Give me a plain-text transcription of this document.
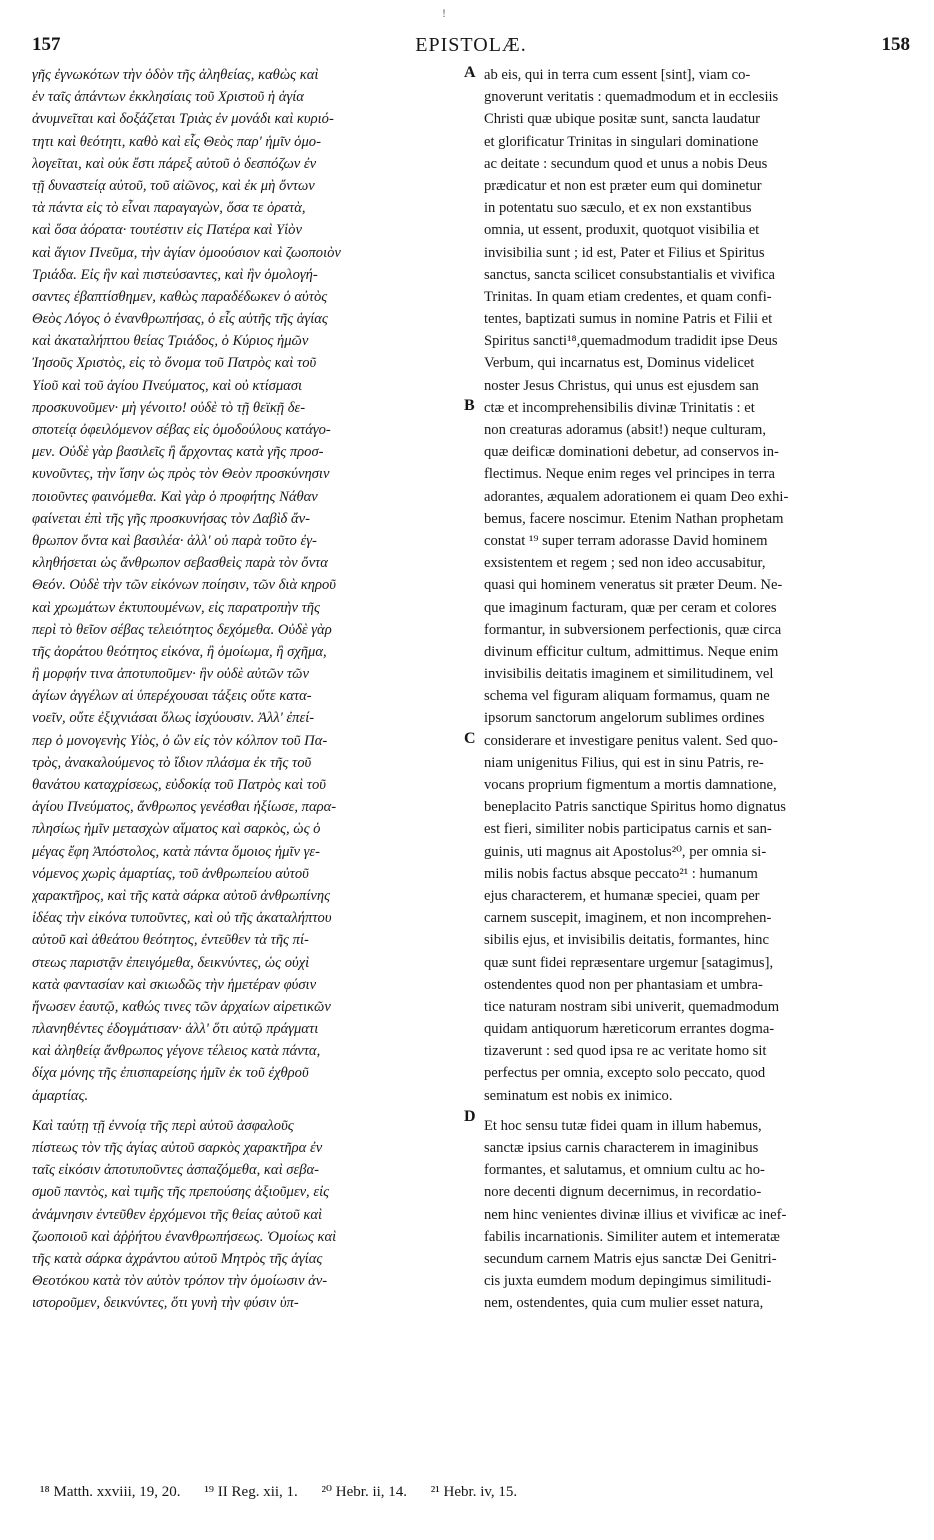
!
157	EPISTOLÆ.	158
γῆς ἐγνωκότων τὴν ὁδὸν τῆς ἀληθείας, καθὼς καὶ
ἐν ταῖς ἁπάντων ἐκκλησίαις τοῦ Χριστοῦ ἡ ἁγία
ἀνυμνεῖται καὶ δοξάζεται Τριὰς ἐν μονάδι καὶ κυριό-
τητι καὶ θεότητι, καθὸ καὶ εἷς Θεὸς παρ' ἡμῖν ὁμο-
λογεῖται, καὶ οὐκ ἔστι πάρεξ αὐτοῦ ὁ δεσπόζων ἐν
τῇ δυναστείᾳ αὐτοῦ, τοῦ αἰῶνος, καὶ ἐκ μὴ ὄντων
τὰ πάντα εἰς τὸ εἶναι παραγαγὼν, ὅσα τε ὁρατὰ,
καὶ ὅσα ἀόρατα· τουτέστιν εἰς Πατέρα καὶ Υἱὸν
καὶ ἅγιον Πνεῦμα, τὴν ἁγίαν ὁμοούσιον καὶ ζωοποιὸν
Τριάδα. Εἰς ἣν καὶ πιστεύσαντες, καὶ ἣν ὁμολογή-
σαντες ἐβαπτίσθημεν, καθὼς παραδέδωκεν ὁ αὐτὸς
Θεὸς Λόγος ὁ ἐνανθρωπήσας, ὁ εἷς αὐτῆς τῆς ἁγίας
καὶ ἀκαταλήπτου θείας Τριάδος, ὁ Κύριος ἡμῶν
Ἰησοῦς Χριστὸς, εἰς τὸ ὄνομα τοῦ Πατρὸς καὶ τοῦ
Υἱοῦ καὶ τοῦ ἁγίου Πνεύματος, καὶ οὐ κτίσμασι
προσκυνοῦμεν· μὴ γένοιτο! οὐδὲ τὸ τῇ θεϊκῇ δε-
σποτείᾳ ὀφειλόμενον σέβας εἰς ὁμοδούλους κατάγο-
μεν. Οὐδὲ γὰρ βασιλεῖς ἢ ἄρχοντας κατὰ γῆς προσ-
κυνοῦντες, τὴν ἴσην ὡς πρὸς τὸν Θεὸν προσκύνησιν
ποιοῦντες φαινόμεθα. Καὶ γὰρ ὁ προφήτης Νάθαν
φαίνεται ἐπὶ τῆς γῆς προσκυνήσας τὸν Δαβὶδ ἄν-
θρωπον ὄντα καὶ βασιλέα· ἀλλ' οὐ παρὰ τοῦτο ἐγ-
κληθήσεται ὡς ἄνθρωπον σεβασθεὶς παρὰ τὸν ὄντα
Θεόν. Οὐδὲ τὴν τῶν εἰκόνων ποίησιν, τῶν διὰ κηροῦ
καὶ χρωμάτων ἐκτυπουμένων, εἰς παρατροπὴν τῆς
περὶ τὸ θεῖον σέβας τελειότητος δεχόμεθα. Οὐδὲ γὰρ
τῆς ἀοράτου θεότητος εἰκόνα, ἢ ὁμοίωμα, ἢ σχῆμα,
ἢ μορφήν τινα ἀποτυποῦμεν· ἣν οὐδὲ αὐτῶν τῶν
ἁγίων ἀγγέλων αἱ ὑπερέχουσαι τάξεις οὔτε κατα-
νοεῖν, οὔτε ἐξιχνιάσαι ὅλως ἰσχύουσιν. Ἀλλ' ἐπεί-
περ ὁ μονογενὴς Υἱὸς, ὁ ὢν εἰς τὸν κόλπον τοῦ Πα-
τρὸς, ἀνακαλούμενος τὸ ἴδιον πλάσμα ἐκ τῆς τοῦ
θανάτου καταχρίσεως, εὐδοκίᾳ τοῦ Πατρὸς καὶ τοῦ
ἁγίου Πνεύματος, ἄνθρωπος γενέσθαι ἠξίωσε, παρα-
πλησίως ἡμῖν μετασχὼν αἵματος καὶ σαρκὸς, ὡς ὁ
μέγας ἔφη Ἀπόστολος, κατὰ πάντα ὅμοιος ἡμῖν γε-
νόμενος χωρὶς ἁμαρτίας, τοῦ ἀνθρωπείου αὐτοῦ
χαρακτῆρος, καὶ τῆς κατὰ σάρκα αὐτοῦ ἀνθρωπίνης
ἰδέας τὴν εἰκόνα τυποῦντες, καὶ οὐ τῆς ἀκαταλήπτου
αὐτοῦ καὶ ἀθεάτου θεότητος, ἐντεῦθεν τὰ τῆς πί-
στεως παριστᾷν ἐπειγόμεθα, δεικνύντες, ὡς οὐχὶ
κατὰ φαντασίαν καὶ σκιωδῶς τὴν ἡμετέραν φύσιν
ἥνωσεν ἑαυτῷ, καθώς τινες τῶν ἀρχαίων αἱρετικῶν
πλανηθέντες ἐδογμάτισαν· ἀλλ' ὅτι αὐτῷ πράγματι
καὶ ἀληθείᾳ ἄνθρωπος γέγονε τέλειος κατὰ πάντα,
δίχα μόνης τῆς ἐπισπαρείσης ἡμῖν ἐκ τοῦ ἐχθροῦ
ἁμαρτίας.
Καὶ ταύτῃ τῇ ἐννοίᾳ τῆς περὶ αὐτοῦ ἀσφαλοῦς
πίστεως τὸν τῆς ἁγίας αὐτοῦ σαρκὸς χαρακτῆρα ἐν
ταῖς εἰκόσιν ἀποτυποῦντες ἀσπαζόμεθα, καὶ σεβα-
σμοῦ παντὸς, καὶ τιμῆς τῆς πρεπούσης ἀξιοῦμεν, εἰς
ἀνάμνησιν ἐντεῦθεν ἐρχόμενοι τῆς θείας αὐτοῦ καὶ
ζωοποιοῦ καὶ ἀῤῥήτου ἐνανθρωπήσεως. Ὁμοίως καὶ
τῆς κατὰ σάρκα ἀχράντου αὐτοῦ Μητρὸς τῆς ἁγίας
Θεοτόκου κατὰ τὸν αὐτὸν τρόπον τὴν ὁμοίωσιν ἀν-
ιστοροῦμεν, δεικνύντες, ὅτι γυνὴ τὴν φύσιν ὑπ-
ab eis, qui in terra cum essent [sint], viam co-
gnoverunt veritatis : quemadmodum et in ecclesiis
Christi quæ ubique positæ sunt, sancta laudatur
et glorificatur Trinitas in singulari dominatione
ac deitate : secundum quod et unus a nobis Deus
prædicatur et non est præter eum qui dominetur
in potentatu suo sæculo, et ex non exstantibus
omnia, ut essent, produxit, quotquot visibilia et
invisibilia sunt ; id est, Pater et Filius et Spiritus
sanctus, sancta scilicet consubstantialis et vivifica
Trinitas. In quam etiam credentes, et quam confi-
tentes, baptizati sumus in nomine Patris et Filii et
Spiritus sancti¹⁸,quemadmodum tradidit ipse Deus
Verbum, qui incarnatus est, Dominus videlicet
noster Jesus Christus, qui unus est ejusdem san
ctæ et incomprehensibilis divinæ Trinitatis : et
non creaturas adoramus (absit!) neque culturam,
quæ deificæ dominationi debetur, ad conservos in-
flectimus. Neque enim reges vel principes in terra
adorantes, æqualem adorationem ei quam Deo exhi-
bemus, facere noscimur. Etenim Nathan prophetam
constat ¹⁹ super terram adorasse David hominem
exsistentem et regem ; sed non ideo accusabitur,
quasi qui hominem veneratus sit præter Deum. Ne-
que imaginum facturam, quæ per ceram et colores
formantur, in subversionem perfectionis, quæ circa
divinum efficitur cultum, admittimus. Neque enim
invisibilis deitatis imaginem et similitudinem, vel
schema vel figuram aliquam formamus, quam ne
ipsorum sanctorum angelorum sublimes ordines
considerare et investigare penitus valent. Sed quo-
niam unigenitus Filius, qui est in sinu Patris, re-
vocans proprium figmentum a mortis damnatione,
beneplacito Patris sanctique Spiritus homo dignatus
est fieri, similiter nobis participatus carnis et san-
guinis, uti magnus ait Apostolus²⁰, per omnia si-
milis nobis factus absque peccato²¹ : humanum
ejus characterem, et humanæ speciei, quam per
carnem suscepit, imaginem, et non incomprehen-
sibilis ejus, et invisibilis deitatis, formantes, hinc
quæ sunt fidei repræsentare urgemur [satagimus],
ostendentes quod non per phantasiam et umbra-
tice naturam nostram sibi univerit, quemadmodum
quidam antiquorum hæreticorum errantes dogma-
tizaverunt : sed quod ipsa re ac veritate homo sit
perfectus per omnia, excepto solo peccato, quod
seminatum est nobis ex inimico.
Et hoc sensu tutæ fidei quam in illum habemus,
sanctæ ipsius carnis characterem in imaginibus
formantes, et salutamus, et omnium cultu ac ho-
nore decenti dignum decernimus, in recordatio-
nem hinc venientes divinæ illius et vivificæ ac inef-
fabilis incarnationis. Similiter autem et intemeratæ
secundum carnem Matris ejus sanctæ Dei Genitri-
cis juxta eumdem modum depingimus similitudi-
nem, ostendentes, quia cum mulier esset natura,
A
B
C
D
¹⁸ Matth. xxviii, 19, 20. ¹⁹ II Reg. xii, 1. ²⁰ Hebr. ii, 14. ²¹ Hebr. iv, 15.
